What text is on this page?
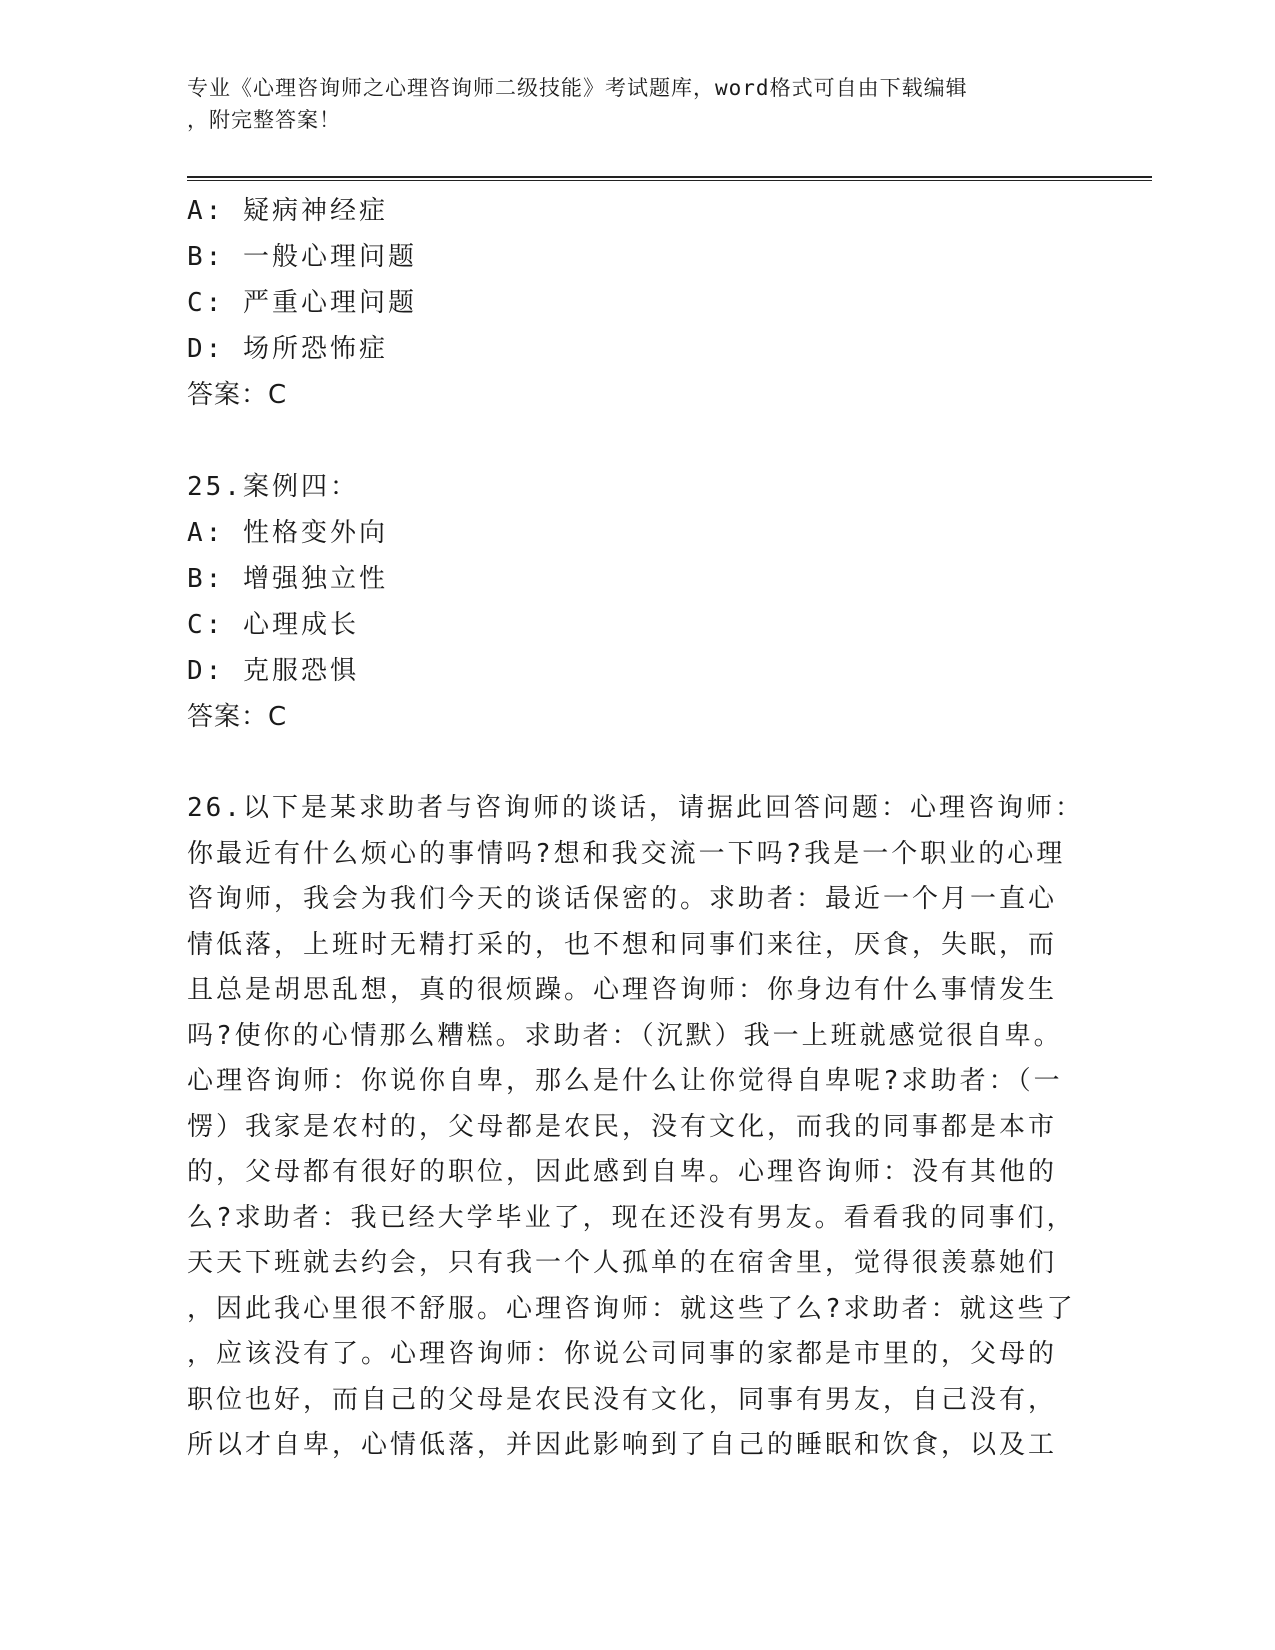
专业《心理咨询师之心理咨询师二级技能》考试题库，word格式可自由下载编辑
，附完整答案！
A: 疑病神经症
B: 一般心理问题
C: 严重心理问题
D: 场所恐怖症
答案：C
25.案例四：
A: 性格变外向
B: 增强独立性
C: 心理成长
D: 克服恐惧
答案：C
26.以下是某求助者与咨询师的谈话，请据此回答问题：心理咨询师：
你最近有什么烦心的事情吗?想和我交流一下吗?我是一个职业的心理
咨询师，我会为我们今天的谈话保密的。求助者：最近一个月一直心
情低落，上班时无精打采的，也不想和同事们来往，厌食，失眠，而
且总是胡思乱想，真的很烦躁。心理咨询师：你身边有什么事情发生
吗?使你的心情那么糟糕。求助者：（沉默）我一上班就感觉很自卑。
心理咨询师：你说你自卑，那么是什么让你觉得自卑呢?求助者：（一
愣）我家是农村的，父母都是农民，没有文化，而我的同事都是本市
的，父母都有很好的职位，因此感到自卑。心理咨询师：没有其他的
么?求助者：我已经大学毕业了，现在还没有男友。看看我的同事们，
天天下班就去约会，只有我一个人孤单的在宿舍里，觉得很羡慕她们
，因此我心里很不舒服。心理咨询师：就这些了么?求助者：就这些了
，应该没有了。心理咨询师：你说公司同事的家都是市里的，父母的
职位也好，而自己的父母是农民没有文化，同事有男友，自己没有，
所以才自卑，心情低落，并因此影响到了自己的睡眠和饮食，以及工
